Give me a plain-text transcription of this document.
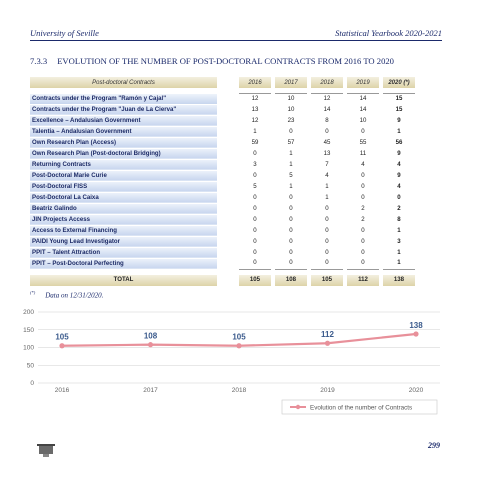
University of Seville	Statistical Yearbook 2020-2021
7.3.3 EVOLUTION OF THE NUMBER OF POST-DOCTORAL CONTRACTS FROM 2016 TO 2020
Post-doctoral Contracts		2016		2017		2018		2019		2020 (*)

Contracts under the Program "Ramón y Cajal"		12		10		12		14		15
Contracts under the Program "Juan de La Cierva"		13		10		14		14		15
Excellence – Andalusian Government		12		23		8		10		9
Talentia – Andalusian Government		1		0		0		0		1
Own Research Plan (Access)		59		57		45		55		56
Own Research Plan (Post-doctoral Bridging)		0		1		13		11		9
Returning Contracts		3		1		7		4		4
Post-Doctoral Marie Curie		0		5		4		0		9
Post-Doctoral FISS		5		1		1		0		4
Post-Doctoral La Caixa		0		0		1		0		0
Beatriz Galindo		0		0		0		2		2
JIN Projects Access		0		0		0		2		8
Access to External Financing		0		0		0		0		1
PAIDI Young Lead Investigator		0		0		0		0		3
PPIT – Talent Attraction		0		0		0		0		1
PPIT – Post-Doctoral Perfecting		0		0		0		0		1

TOTAL		105		108		105		112		138
(*) Data on 12/31/2020.
0
50
100
150
200
2016	2017	2018	2019	2020
105	108	105	112
138
Evolution of the number of Contracts
299
